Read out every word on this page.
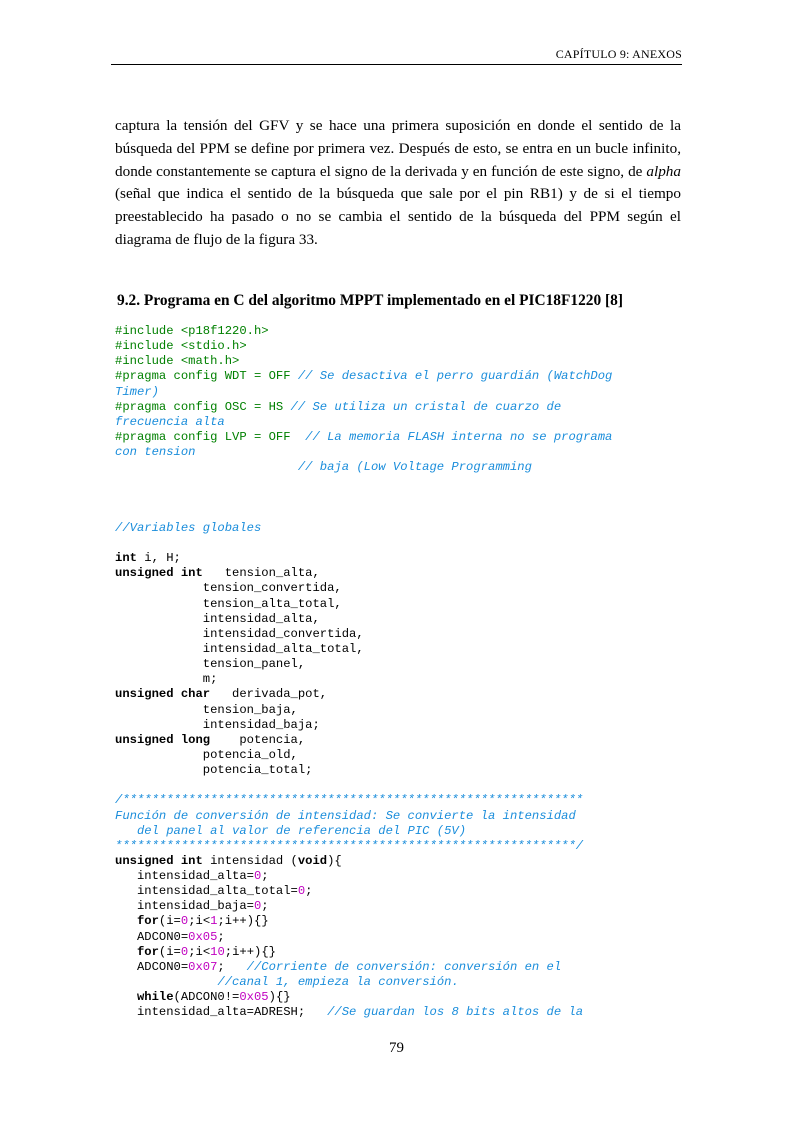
CAPÍTULO 9: ANEXOS
captura la tensión del GFV y se hace una primera suposición en donde el sentido de la búsqueda del PPM se define por primera vez. Después de esto, se entra en un bucle infinito, donde constantemente se captura el signo de la derivada y en función de este signo, de alpha (señal que indica el sentido de la búsqueda que sale por el pin RB1) y de si el tiempo preestablecido ha pasado o no se cambia el sentido de la búsqueda del PPM según el diagrama de flujo de la figura 33.
9.2. Programa en C del algoritmo MPPT implementado en el PIC18F1220 [8]
#include <p18f1220.h>
#include <stdio.h>
#include <math.h>
#pragma config WDT = OFF // Se desactiva el perro guardián (WatchDog
Timer)
#pragma config OSC = HS // Se utiliza un cristal de cuarzo de
frecuencia alta
#pragma config LVP = OFF  // La memoria FLASH interna no se programa
con tension
// baja (Low Voltage Programming
//Variables globales
int i, H;
unsigned int   tension_alta,
tension_convertida,
tension_alta_total,
intensidad_alta,
intensidad_convertida,
intensidad_alta_total,
tension_panel,
m;
unsigned char   derivada_pot,
tension_baja,
intensidad_baja;
unsigned long    potencia,
potencia_old,
potencia_total;
/***************************************************************
Función de conversión de intensidad: Se convierte la intensidad
del panel al valor de referencia del PIC (5V)
***************************************************************/
unsigned int intensidad (void){
intensidad_alta=0;
intensidad_alta_total=0;
intensidad_baja=0;
for(i=0;i<1;i++){}
ADCON0=0x05;
for(i=0;i<10;i++){}
ADCON0=0x07;   //Corriente de conversión: conversión en el
//canal 1, empieza la conversión.
while(ADCON0!=0x05){}
intensidad_alta=ADRESH;   //Se guardan los 8 bits altos de la
79
